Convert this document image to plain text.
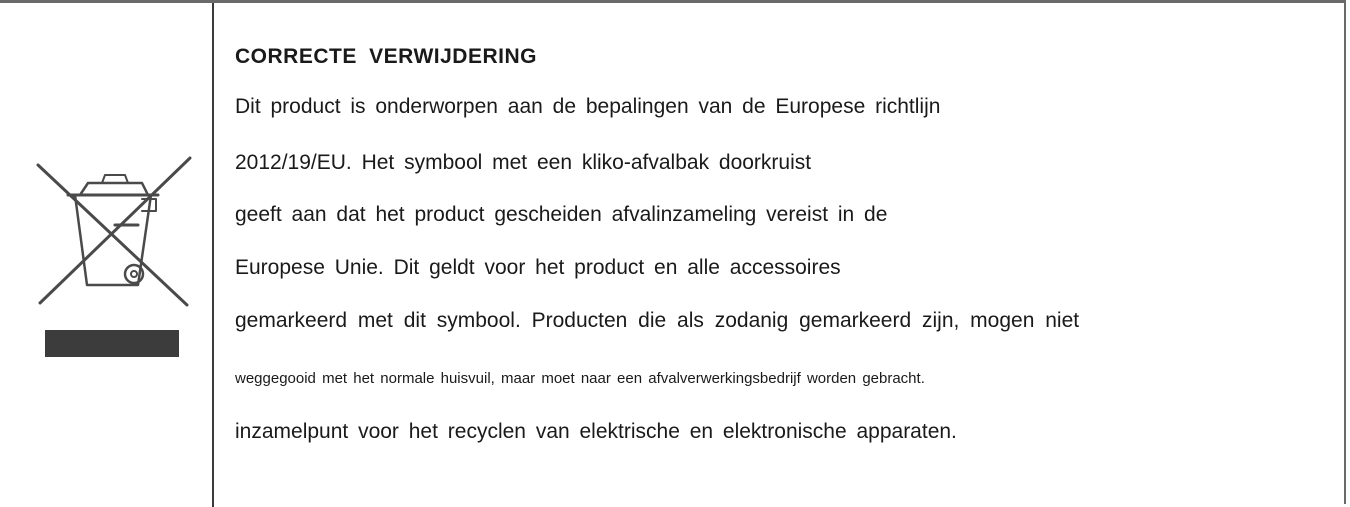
CORRECTE VERWIJDERING
Dit product is onderworpen aan de bepalingen van de Europese richtlijn
2012/19/EU. Het symbool met een kliko-afvalbak doorkruist
geeft aan dat het product gescheiden afvalinzameling vereist in de
Europese Unie. Dit geldt voor het product en alle accessoires
gemarkeerd met dit symbool. Producten die als zodanig gemarkeerd zijn, mogen niet
weggegooid met het normale huisvuil, maar moet naar een afvalverwerkingsbedrijf worden gebracht.
inzamelpunt voor het recyclen van elektrische en elektronische apparaten.
